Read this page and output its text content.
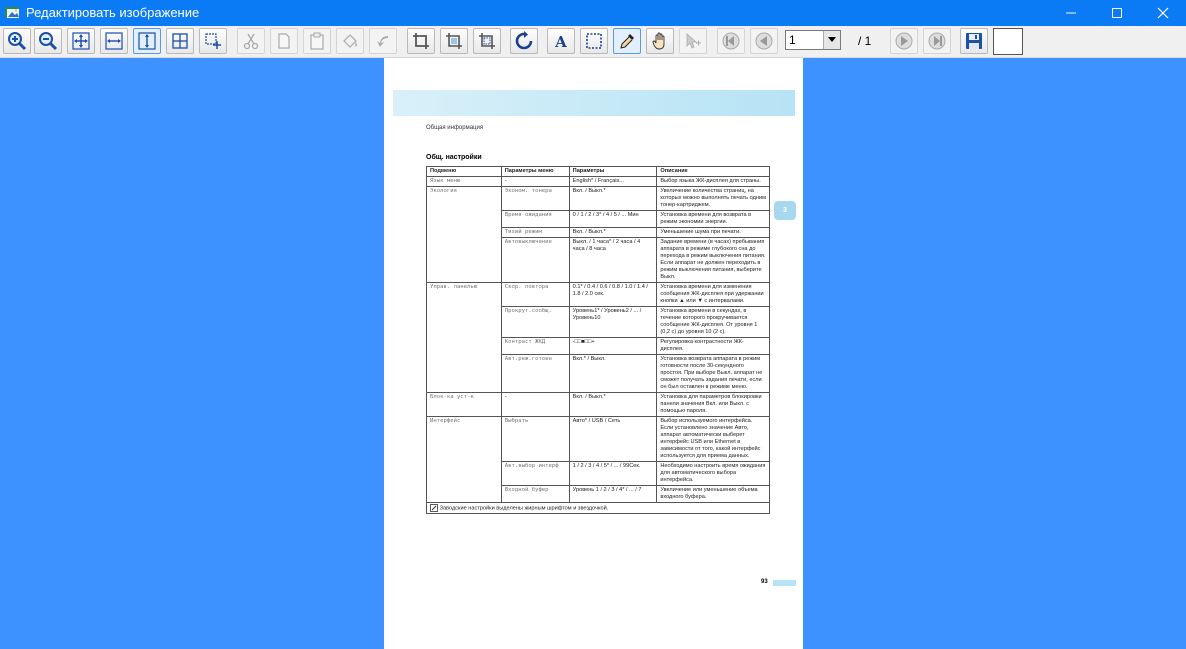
Редактировать изображение
A	1	/ 1
Общая информация
Общ. настройки
Подменю	Параметры меню	Параметры	Описание
Язык меню	-	English* / Français...	Выбор языка ЖК-дисплея для страны.
Экология	Эконом. тонера	Вкл. / Выкл.*	Увеличение количества страниц, на которых можно выполнять печать одним тонер-картриджем.
	Время ожидания	0 / 1 / 2 / 3* / 4 / 5 / ... Мин	Установка времени для возврата в режим экономии энергии.
	Тихий режим	Вкл. / Выкл.*	Уменьшение шума при печати.
	Автовыключение	Выкл. / 1 часа* / 2 часа / 4 часа / 8 часа	Задание времени (в часах) пребывания аппарата в режиме глубокого сна до перехода в режим выключения питания. Если аппарат не должен переходить в режим выключения питания, выберите Выкл.
Управ. панелью	Скор. повтора	0.1* / 0.4 / 0.6 / 0.8 / 1.0 / 1.4 / 1.8 / 2.0 сек.	Установка времени для изменения сообщения ЖК-дисплея при удержании кнопки ▲ или ▼ с интервалами.
	Прокрут.сообщ.	Уровень1* / Уровень2 / ... / Уровень10	Установка времени в секундах, в течение которого прокручивается сообщение ЖК-дисплея. От уровня 1 (0,2 с) до уровня 10 (2 с).
	Контраст ЖКД	-□□■□□+	Регулировка контрастности ЖК-дисплея.
	Авт.реж.готовн	Вкл.* / Выкл.	Установка возврата аппарата в режим готовности после 30-секундного простоя. При выборе Выкл. аппарат не сможет получать задания печати, если он был оставлен в режиме меню.
Блок-ка уст-к	-	Вкл. / Выкл.*	Установка для параметров блокировки панели значения Вкл. или Выкл. с помощью пароля.
Интерфейс	Выбрать	Авто* / USB / Сеть	Выбор используемого интерфейса. Если установлено значение Авто, аппарат автоматически выберет интерфейс USB или Ethernet в зависимости от того, какой интерфейс используется для приема данных.
	Авт.выбор интерф	1 / 2 / 3 / 4 / 5* / ... / 99Сек.	Необходимо настроить время ожидания для автоматического выбора интерфейса.
	Входной буфер	Уровень 1 / 2 / 3 / 4* / ... / 7	Увеличение или уменьшение объема входного буфера.
Заводские настройки выделены жирным шрифтом и звездочкой.			
3
93
